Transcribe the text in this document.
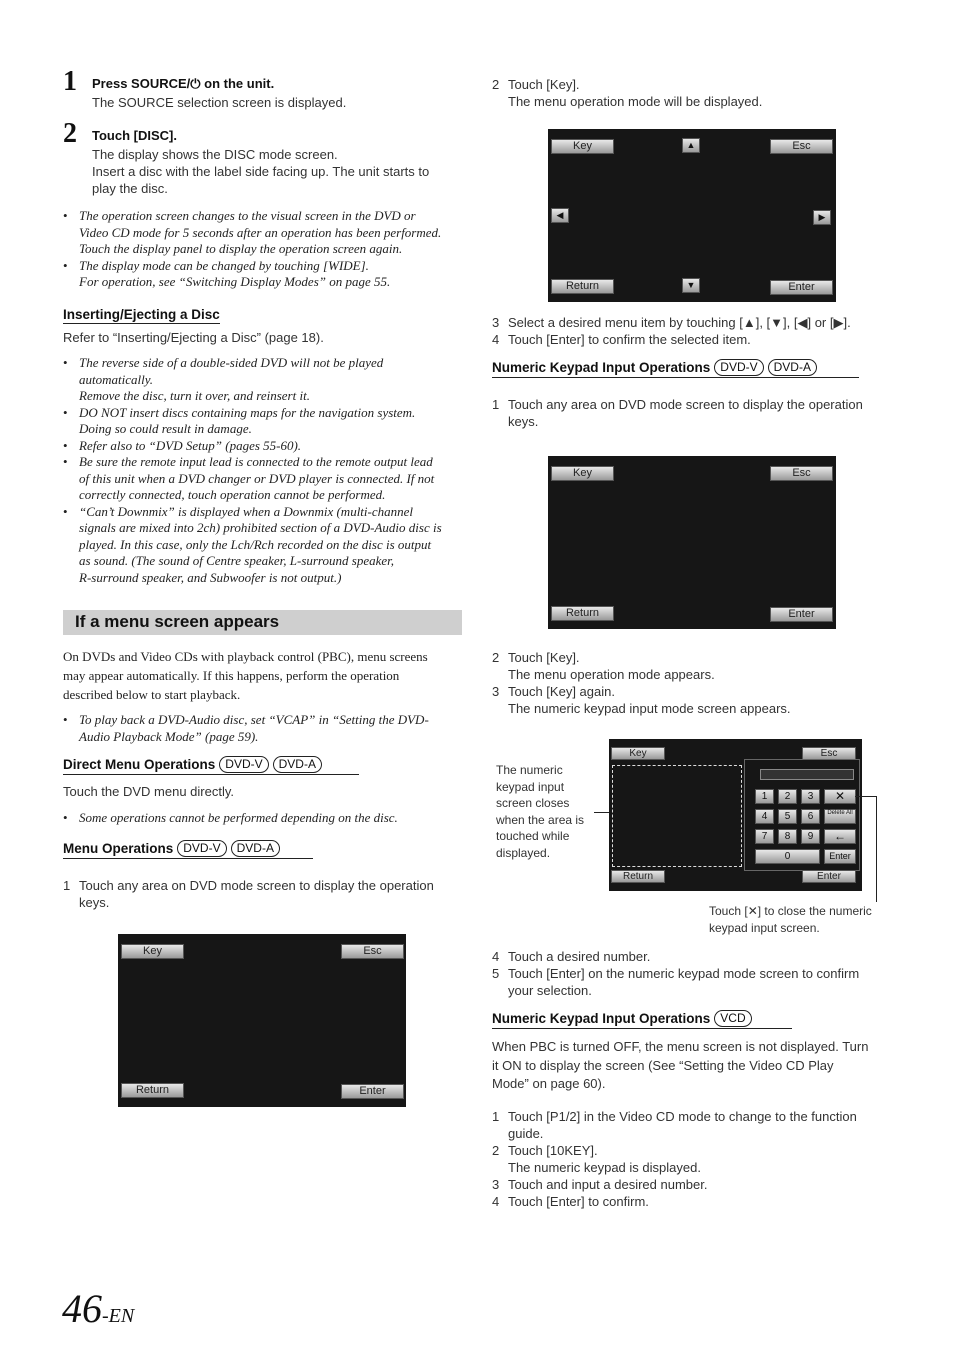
1 Press SOURCE/⏻ on the unit.
The SOURCE selection screen is displayed.
2 Touch [DISC].
The display shows the DISC mode screen.
Insert a disc with the label side facing up. The unit starts to
play the disc.
• The operation screen changes to the visual screen in the DVD or
Video CD mode for 5 seconds after an operation has been performed.
Touch the display panel to display the operation screen again.
• The display mode can be changed by touching [WIDE].
For operation, see “Switching Display Modes” on page 55.
Inserting/Ejecting a Disc
Refer to “Inserting/Ejecting a Disc” (page 18).
• The reverse side of a double-sided DVD will not be played
automatically.
Remove the disc, turn it over, and reinsert it.
• DO NOT insert discs containing maps for the navigation system.
Doing so could result in damage.
• Refer also to “DVD Setup” (pages 55-60).
• Be sure the remote input lead is connected to the remote output lead
of this unit when a DVD changer or DVD player is connected. If not
correctly connected, touch operation cannot be performed.
• “Can’t Downmix” is displayed when a Downmix (multi-channel
signals are mixed into 2ch) prohibited section of a DVD-Audio disc is
played. In this case, only the Lch/Rch recorded on the disc is output
as sound. (The sound of Centre speaker, L-surround speaker,
R-surround speaker, and Subwoofer is not output.)
If a menu screen appears
On DVDs and Video CDs with playback control (PBC), menu screens
may appear automatically. If this happens, perform the operation
described below to start playback.
• To play back a DVD-Audio disc, set “VCAP” in “Setting the DVD-
Audio Playback Mode” (page 59).
Direct Menu Operations DVD-V DVD-A
Touch the DVD menu directly.
• Some operations cannot be performed depending on the disc.
Menu Operations DVD-V DVD-A
1 Touch any area on DVD mode screen to display the operation
keys.
Key	Esc
Return	Enter
2 Touch [Key].
The menu operation mode will be displayed.
Key	Esc
▲
◀	▶
▼
Return	Enter
3 Select a desired menu item by touching [▲], [▼], [◀] or [▶].
4 Touch [Enter] to confirm the selected item.
Numeric Keypad Input Operations DVD-V DVD-A
1 Touch any area on DVD mode screen to display the operation
keys.
Key	Esc
Return	Enter
2 Touch [Key].
The menu operation mode appears.
3 Touch [Key] again.
The numeric keypad input mode screen appears.
The numeric
keypad input
screen closes
when the area is
touched while
displayed.
Key	Esc
1	2	3	✕
4	5	6	Delete All
7	8	9	←
0	Enter
Return	Enter
Touch [✕] to close the numeric
keypad input screen.
4 Touch a desired number.
5 Touch [Enter] on the numeric keypad mode screen to confirm
your selection.
Numeric Keypad Input Operations VCD
When PBC is turned OFF, the menu screen is not displayed. Turn
it ON to display the screen (See “Setting the Video CD Play
Mode” on page 60).
1 Touch [P1/2] in the Video CD mode to change to the function
guide.
2 Touch [10KEY].
The numeric keypad is displayed.
3 Touch and input a desired number.
4 Touch [Enter] to confirm.
46-EN
